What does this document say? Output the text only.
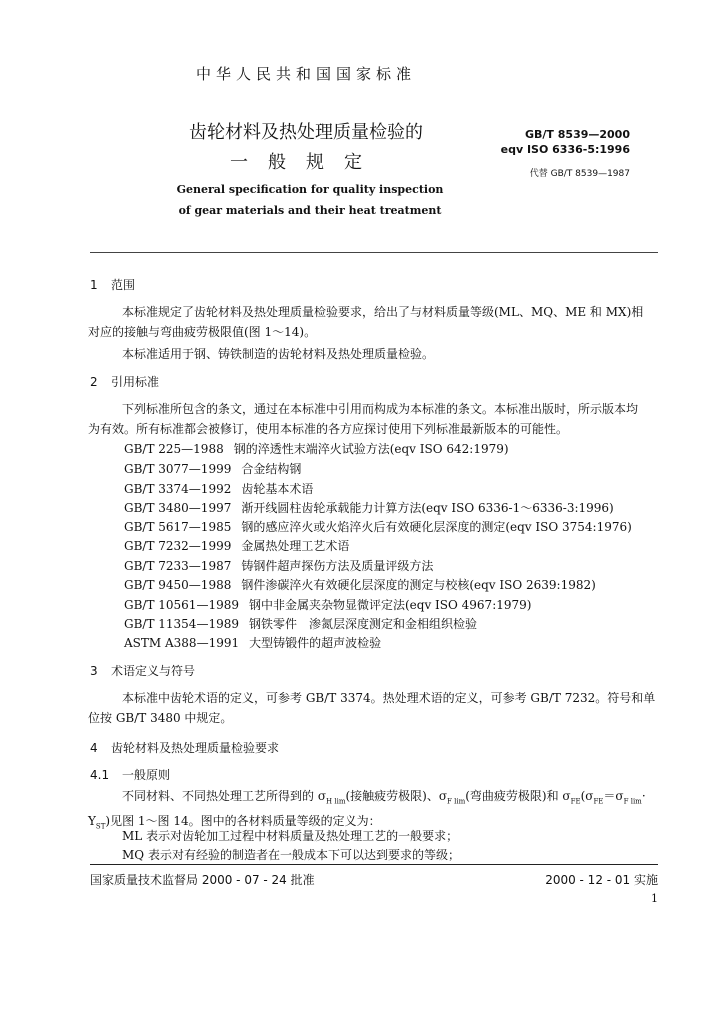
中华人民共和国国家标准
齿轮材料及热处理质量检验的
一般规定
GB/T 8539—2000
eqv ISO 6336-5:1996
代替 GB/T 8539—1987
General specification for quality inspection
of gear materials and their heat treatment
1 范围
本标准规定了齿轮材料及热处理质量检验要求，给出了与材料质量等级(ML、MQ、ME 和 MX)相
对应的接触与弯曲疲劳极限值(图 1～14)。
本标准适用于钢、铸铁制造的齿轮材料及热处理质量检验。
2 引用标准
下列标准所包含的条文，通过在本标准中引用而构成为本标准的条文。本标准出版时，所示版本均
为有效。所有标准都会被修订，使用本标准的各方应探讨使用下列标准最新版本的可能性。
GB/T 225—1988 钢的淬透性末端淬火试验方法(eqv ISO 642:1979)
GB/T 3077—1999 合金结构钢
GB/T 3374—1992 齿轮基本术语
GB/T 3480—1997 渐开线圆柱齿轮承载能力计算方法(eqv ISO 6336-1～6336-3:1996)
GB/T 5617—1985 钢的感应淬火或火焰淬火后有效硬化层深度的测定(eqv ISO 3754:1976)
GB/T 7232—1999 金属热处理工艺术语
GB/T 7233—1987 铸钢件超声探伤方法及质量评级方法
GB/T 9450—1988 钢件渗碳淬火有效硬化层深度的测定与校核(eqv ISO 2639:1982)
GB/T 10561—1989 钢中非金属夹杂物显微评定法(eqv ISO 4967:1979)
GB/T 11354—1989 钢铁零件　渗氮层深度测定和金相组织检验
ASTM A388—1991 大型铸锻件的超声波检验
3 术语定义与符号
本标准中齿轮术语的定义，可参考 GB/T 3374。热处理术语的定义，可参考 GB/T 7232。符号和单
位按 GB/T 3480 中规定。
4 齿轮材料及热处理质量检验要求
4.1 一般原则
不同材料、不同热处理工艺所得到的 $\sigma_{H lim}$(接触疲劳极限)、$\sigma_{F lim}$(弯曲疲劳极限)和 $\sigma_{FE}(\sigma_{FE}=\sigma_{F lim}\cdot$
$Y_{ST}$)见图 1～图 14。图中的各材料质量等级的定义为：
ML 表示对齿轮加工过程中材料质量及热处理工艺的一般要求；
MQ 表示对有经验的制造者在一般成本下可以达到要求的等级；
国家质量技术监督局 2000 - 07 - 24 批准	2000 - 12 - 01 实施
1
